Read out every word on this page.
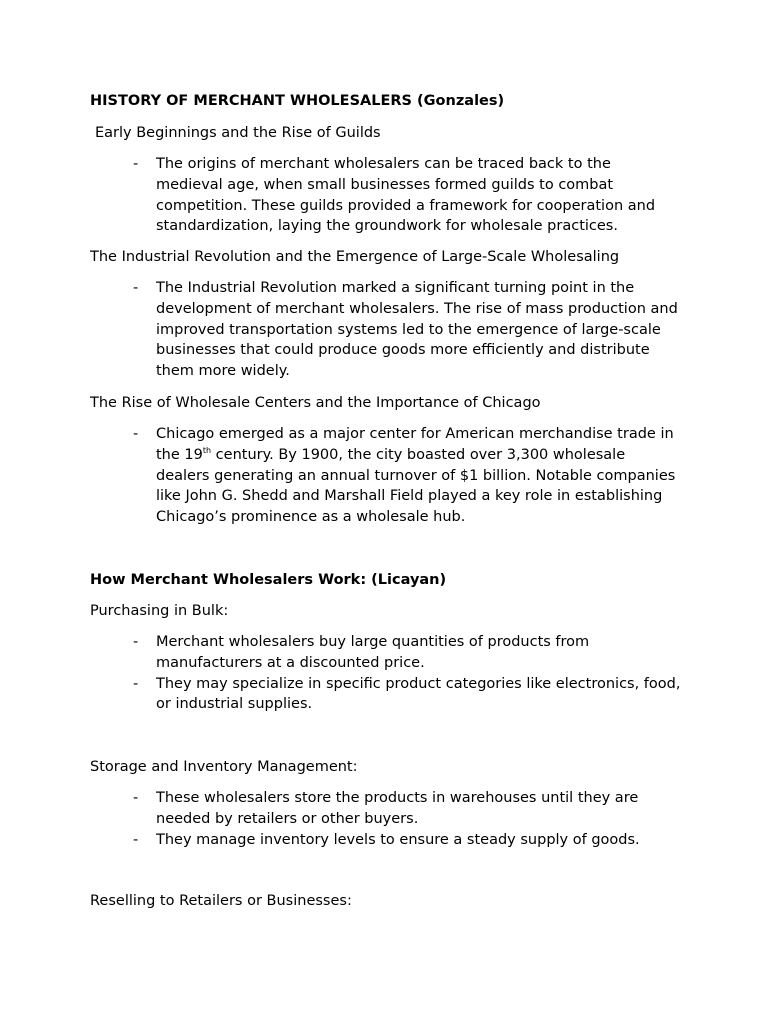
HISTORY OF MERCHANT WHOLESALERS (Gonzales)

Early Beginnings and the Rise of Guilds

- The origins of merchant wholesalers can be traced back to the medieval age, when small businesses formed guilds to combat competition. These guilds provided a framework for cooperation and standardization, laying the groundwork for wholesale practices.

The Industrial Revolution and the Emergence of Large-Scale Wholesaling

- The Industrial Revolution marked a significant turning point in the development of merchant wholesalers. The rise of mass production and improved transportation systems led to the emergence of large-scale businesses that could produce goods more efficiently and distribute them more widely.

The Rise of Wholesale Centers and the Importance of Chicago

- Chicago emerged as a major center for American merchandise trade in the 19th century. By 1900, the city boasted over 3,300 wholesale dealers generating an annual turnover of $1 billion. Notable companies like John G. Shedd and Marshall Field played a key role in establishing Chicago’s prominence as a wholesale hub.

How Merchant Wholesalers Work: (Licayan)

Purchasing in Bulk:

- Merchant wholesalers buy large quantities of products from manufacturers at a discounted price.
- They may specialize in specific product categories like electronics, food, or industrial supplies.

Storage and Inventory Management:

- These wholesalers store the products in warehouses until they are needed by retailers or other buyers.
- They manage inventory levels to ensure a steady supply of goods.

Reselling to Retailers or Businesses:
